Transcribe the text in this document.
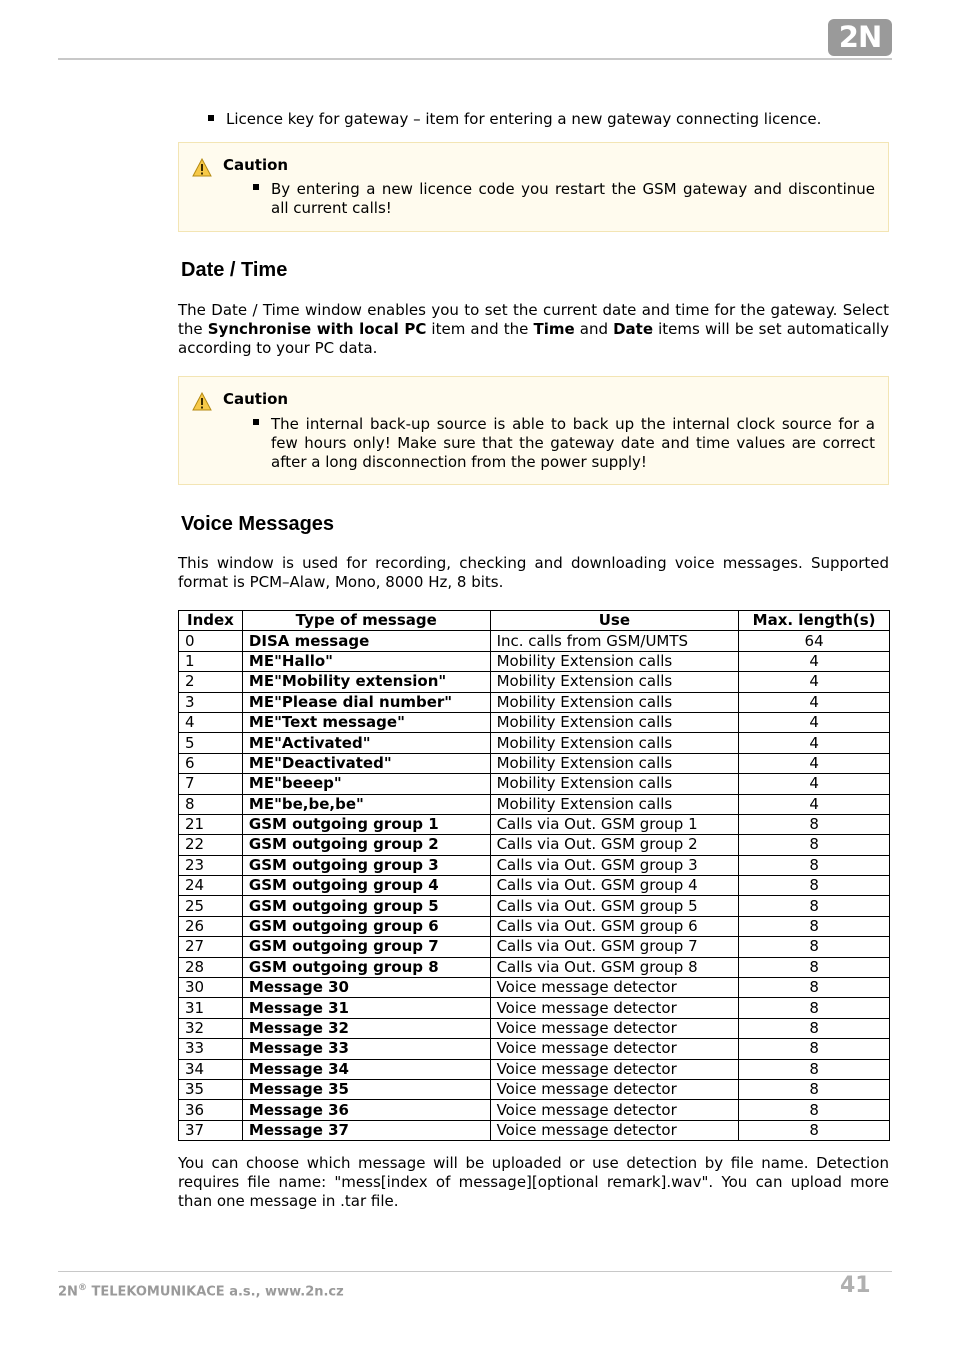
2N
Licence key for gateway – item for entering a new gateway connecting licence.
Caution
By entering a new licence code you restart the GSM gateway and discontinue all current calls!
Date / Time

The Date / Time window enables you to set the current date and time for the gateway. Select the Synchronise with local PC item and the Time and Date items will be set automatically according to your PC data.

Caution
The internal back-up source is able to back up the internal clock source for a few hours only! Make sure that the gateway date and time values are correct after a long disconnection from the power supply!
Voice Messages

This window is used for recording, checking and downloading voice messages. Supported format is PCM–Alaw, Mono, 8000 Hz, 8 bits.

Index	Type of message	Use	Max. length(s)
0	DISA message	Inc. calls from GSM/UMTS	64
1	ME"Hallo"	Mobility Extension calls	4
2	ME"Mobility extension"	Mobility Extension calls	4
3	ME"Please dial number"	Mobility Extension calls	4
4	ME"Text message"	Mobility Extension calls	4
5	ME"Activated"	Mobility Extension calls	4
6	ME"Deactivated"	Mobility Extension calls	4
7	ME"beeep"	Mobility Extension calls	4
8	ME"be,be,be"	Mobility Extension calls	4
21	GSM outgoing group 1	Calls via Out. GSM group 1	8
22	GSM outgoing group 2	Calls via Out. GSM group 2	8
23	GSM outgoing group 3	Calls via Out. GSM group 3	8
24	GSM outgoing group 4	Calls via Out. GSM group 4	8
25	GSM outgoing group 5	Calls via Out. GSM group 5	8
26	GSM outgoing group 6	Calls via Out. GSM group 6	8
27	GSM outgoing group 7	Calls via Out. GSM group 7	8
28	GSM outgoing group 8	Calls via Out. GSM group 8	8
30	Message 30	Voice message detector	8
31	Message 31	Voice message detector	8
32	Message 32	Voice message detector	8
33	Message 33	Voice message detector	8
34	Message 34	Voice message detector	8
35	Message 35	Voice message detector	8
36	Message 36	Voice message detector	8
37	Message 37	Voice message detector	8

You can choose which message will be uploaded or use detection by file name. Detection requires file name: "mess[index of message][optional remark].wav". You can upload more than one message in .tar file.

2N® TELEKOMUNIKACE a.s., www.2n.cz	41
